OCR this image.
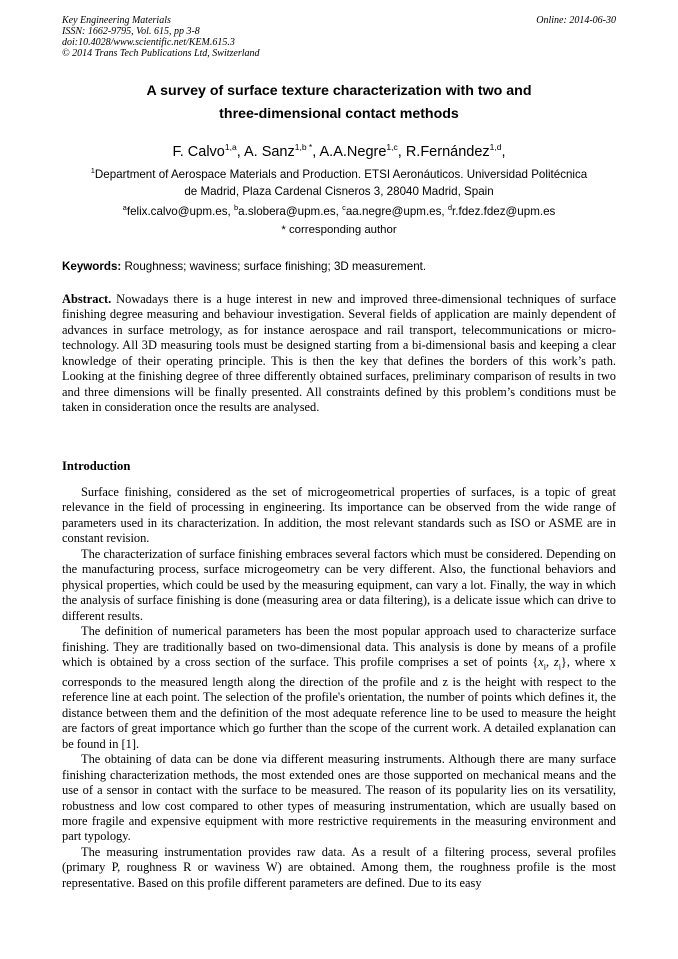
Key Engineering Materials
ISSN: 1662-9795, Vol. 615, pp 3-8
doi:10.4028/www.scientific.net/KEM.615.3
© 2014 Trans Tech Publications Ltd, Switzerland
Online: 2014-06-30
A survey of surface texture characterization with two and
three-dimensional contact methods
F. Calvo$^{1,a}$, A. Sanz$^{1,b *}$, A.A.Negre$^{1,c}$, R.Fernández$^{1,d}$,
$^1$Department of Aerospace Materials and Production. ETSI Aeronáuticos. Universidad Politécnica
de Madrid, Plaza Cardenal Cisneros 3, 28040 Madrid, Spain
$^a$felix.calvo@upm.es, $^b$a.slobera@upm.es, $^c$aa.negre@upm.es, $^d$r.fdez.fdez@upm.es
* corresponding author
Keywords: Roughness; waviness; surface finishing; 3D measurement.
Abstract. Nowadays there is a huge interest in new and improved three-dimensional techniques of surface finishing degree measuring and behaviour investigation. Several fields of application are mainly dependent of advances in surface metrology, as for instance aerospace and rail transport, telecommunications or micro-technology. All 3D measuring tools must be designed starting from a bi-dimensional basis and keeping a clear knowledge of their operating principle. This is then the key that defines the borders of this work’s path. Looking at the finishing degree of three differently obtained surfaces, preliminary comparison of results in two and three dimensions will be finally presented. All constraints defined by this problem’s conditions must be taken in consideration once the results are analysed.
Introduction

Surface finishing, considered as the set of microgeometrical properties of surfaces, is a topic of great relevance in the field of processing in engineering. Its importance can be observed from the wide range of parameters used in its characterization. In addition, the most relevant standards such as ISO or ASME are in constant revision.

The characterization of surface finishing embraces several factors which must be considered. Depending on the manufacturing process, surface microgeometry can be very different. Also, the functional behaviors and physical properties, which could be used by the measuring equipment, can vary a lot. Finally, the way in which the analysis of surface finishing is done (measuring area or data filtering), is a delicate issue which can drive to different results.

The definition of numerical parameters has been the most popular approach used to characterize surface finishing. They are traditionally based on two-dimensional data. This analysis is done by means of a profile which is obtained by a cross section of the surface. This profile comprises a set of points {$x_i$, $z_i$}, where x corresponds to the measured length along the direction of the profile and z is the height with respect to the reference line at each point. The selection of the profile's orientation, the number of points which defines it, the distance between them and the definition of the most adequate reference line to be used to measure the height are factors of great importance which go further than the scope of the current work. A detailed explanation can be found in [1].

The obtaining of data can be done via different measuring instruments. Although there are many surface finishing characterization methods, the most extended ones are those supported on mechanical means and the use of a sensor in contact with the surface to be measured. The reason of its popularity lies on its versatility, robustness and low cost compared to other types of measuring instrumentation, which are usually based on more fragile and expensive equipment with more restrictive requirements in the measuring environment and part typology.

The measuring instrumentation provides raw data. As a result of a filtering process, several profiles (primary P, roughness R or waviness W) are obtained. Among them, the roughness profile is the most representative. Based on this profile different parameters are defined. Due to its easy
